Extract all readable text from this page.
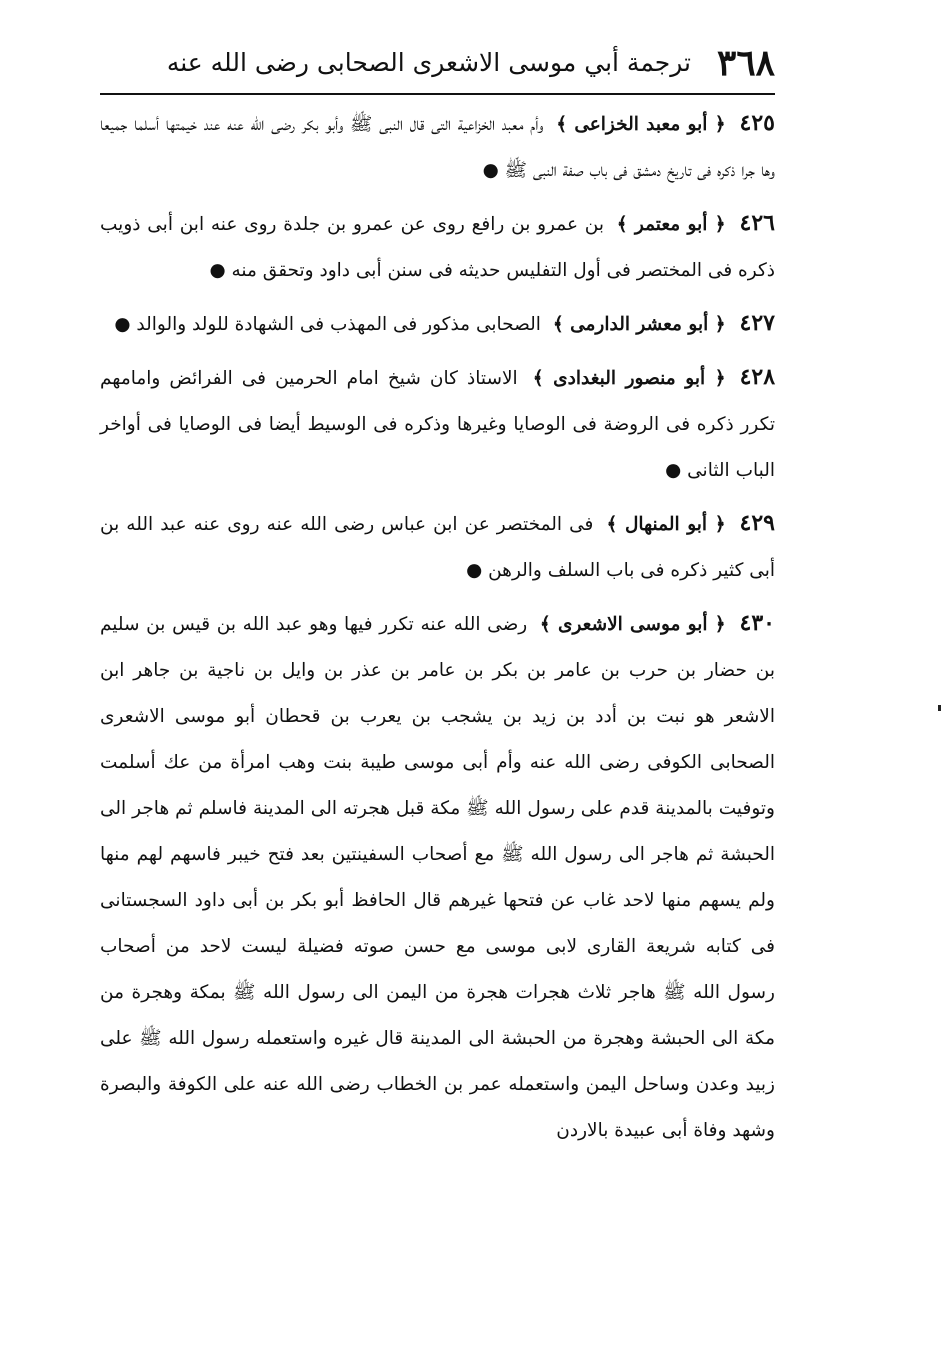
٣٦٨
ترجمة أبي موسى الاشعرى الصحابى رضى الله عنه

٤٢٥﴿ أبو معبد الخزاعى ﴾ وأم معبد الخزاعية التى قال النبى ﷺ وأبو بكر رضى الله عنه عند خيمتها أسلما جميعا وها جرا ذكره فى تاريخ دمشق فى باب صفة النبى ﷺ ●

٤٢٦﴿ أبو معتمر ﴾ بن عمرو بن رافع روى عن عمرو بن جلدة روى عنه ابن أبى ذويب ذكره فى المختصر فى أول التفليس حديثه فى سنن أبى داود وتحقق منه ●

٤٢٧﴿ أبو معشر الدارمى ﴾ الصحابى مذكور فى المهذب فى الشهادة للولد والوالد ●

٤٢٨﴿ أبو منصور البغدادى ﴾ الاستاذ كان شيخ امام الحرمين فى الفرائض وامامهم تكرر ذكره فى الروضة فى الوصايا وغيرها وذكره فى الوسيط أيضا فى الوصايا فى أواخر الباب الثانى ●

٤٢٩﴿ أبو المنهال ﴾ فى المختصر عن ابن عباس رضى الله عنه روى عنه عبد الله بن أبى كثير ذكره فى باب السلف والرهن ●

٤٣٠﴿ أبو موسى الاشعرى ﴾ رضى الله عنه تكرر فيها وهو عبد الله بن قيس بن سليم بن حضار بن حرب بن عامر بن بكر بن عامر بن عذر بن وايل بن ناجية بن جاهر ابن الاشعر هو نبت بن أدد بن زيد بن يشجب بن يعرب بن قحطان أبو موسى الاشعرى الصحابى الكوفى رضى الله عنه وأم أبى موسى طيبة بنت وهب امرأة من عك أسلمت وتوفيت بالمدينة قدم على رسول الله ﷺ مكة قبل هجرته الى المدينة فاسلم ثم هاجر الى الحبشة ثم هاجر الى رسول الله ﷺ مع أصحاب السفينتين بعد فتح خيبر فاسهم لهم منها ولم يسهم منها لاحد غاب عن فتحها غيرهم قال الحافظ أبو بكر بن أبى داود السجستانى فى كتابه شريعة القارى لابى موسى مع حسن صوته فضيلة ليست لاحد من أصحاب رسول الله ﷺ هاجر ثلاث هجرات هجرة من اليمن الى رسول الله ﷺ بمكة وهجرة من مكة الى الحبشة وهجرة من الحبشة الى المدينة قال غيره واستعمله رسول الله ﷺ على زبيد وعدن وساحل اليمن واستعمله عمر بن الخطاب رضى الله عنه على الكوفة والبصرة وشهد وفاة أبى عبيدة بالاردن
